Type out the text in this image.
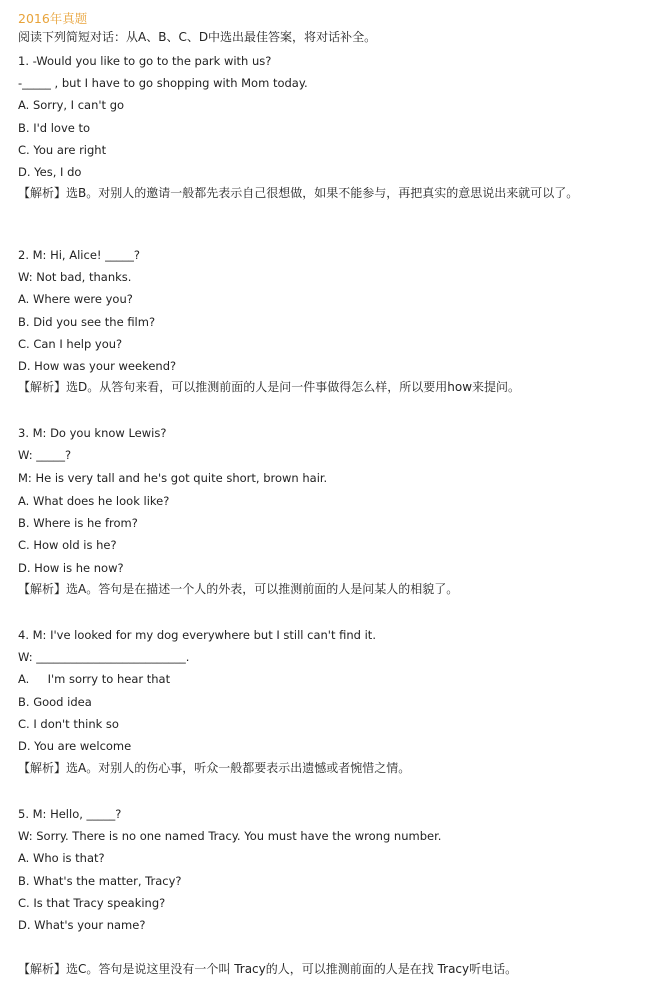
2016年真题
阅读下列简短对话：从A、B、C、D中选出最佳答案，将对话补全。
1. -Would you like to go to the park with us?
-_____ , but I have to go shopping with Mom today.
A. Sorry, I can't go
B. I'd love to
C. You are right
D. Yes, I do
【解析】选B。对别人的邀请一般都先表示自己很想做，如果不能参与，再把真实的意思说出来就可以了。
2. M: Hi, Alice! _____?
W: Not bad, thanks.
A. Where were you?
B. Did you see the film?
C. Can I help you?
D. How was your weekend?
【解析】选D。从答句来看，可以推测前面的人是问一件事做得怎么样，所以要用how来提问。
3. M: Do you know Lewis?
W: _____?
M: He is very tall and he's got quite short, brown hair.
A. What does he look like?
B. Where is he from?
C. How old is he?
D. How is he now?
【解析】选A。答句是在描述一个人的外表，可以推测前面的人是问某人的相貌了。
4. M: I've looked for my dog everywhere but I still can't find it.
W: __________________________.
A.     I'm sorry to hear that
B. Good idea
C. I don't think so
D. You are welcome
【解析】选A。对别人的伤心事，听众一般都要表示出遗憾或者惋惜之情。
5. M: Hello, _____?
W: Sorry. There is no one named Tracy. You must have the wrong number.
A. Who is that?
B. What's the matter, Tracy?
C. Is that Tracy speaking?
D. What's your name?
【解析】选C。答句是说这里没有一个叫 Tracy的人，可以推测前面的人是在找 Tracy听电话。
